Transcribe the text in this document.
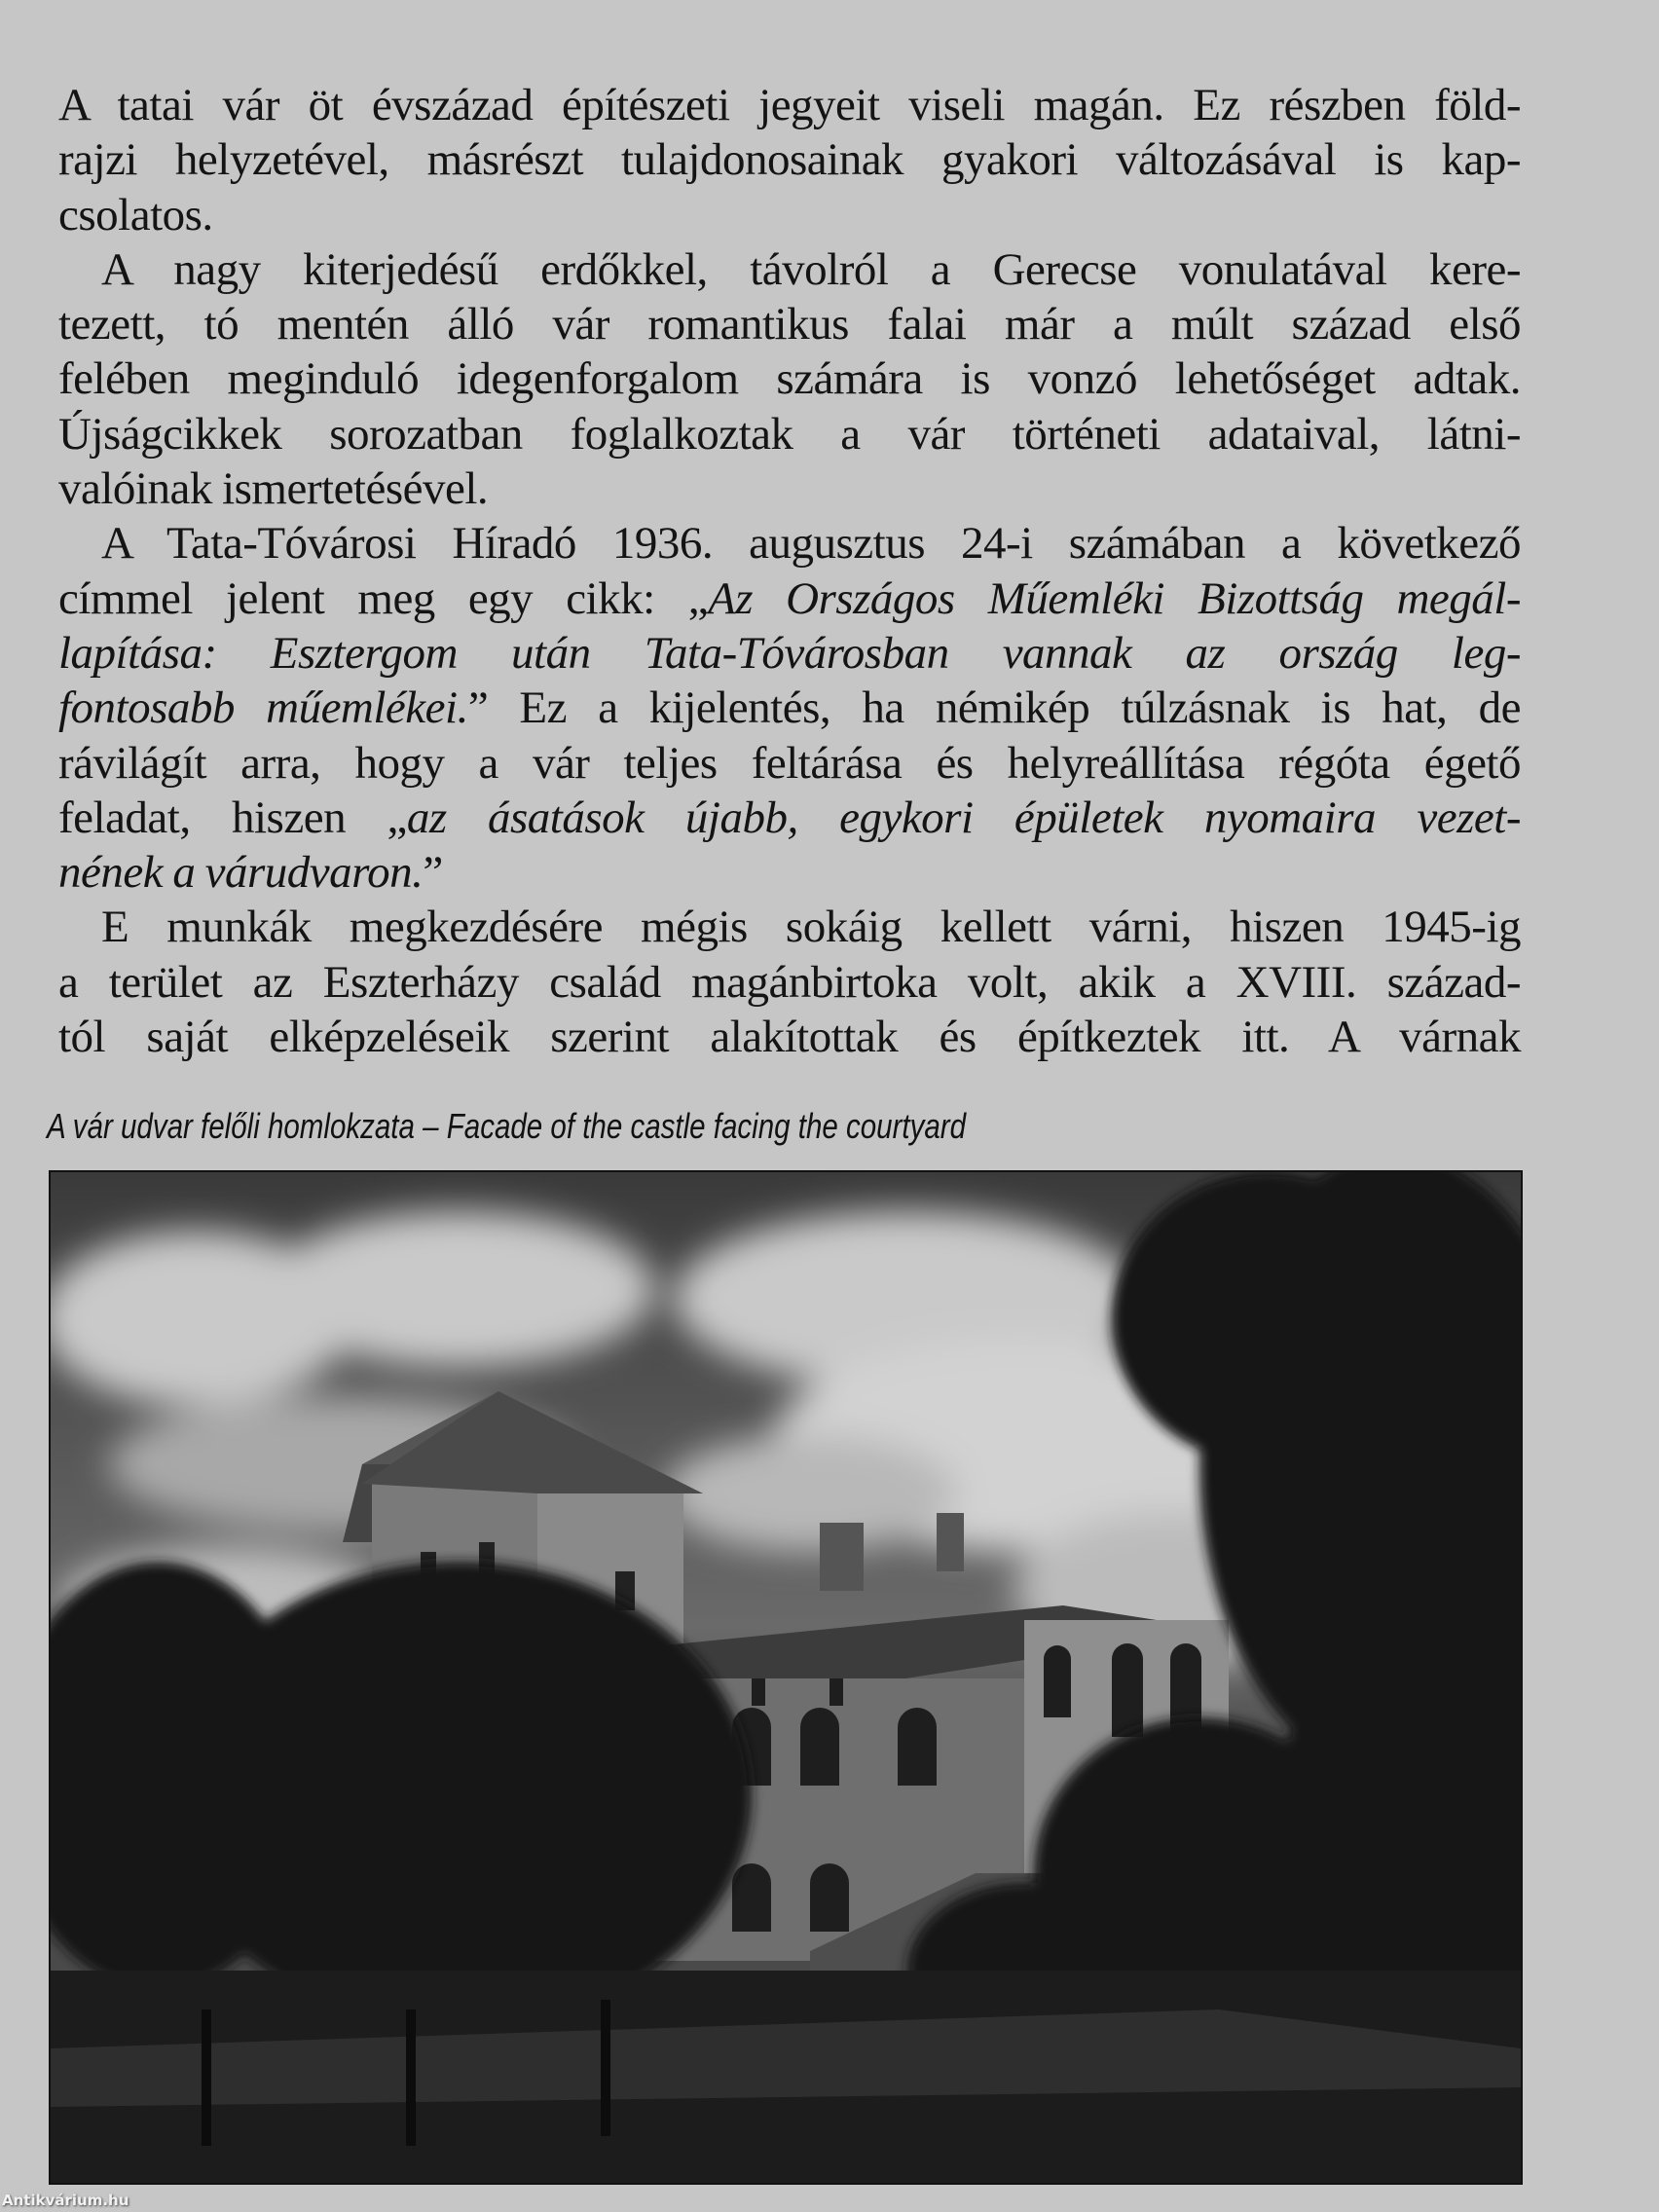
A tatai vár öt évszázad építészeti jegyeit viseli magán. Ez részben föld-
rajzi helyzetével, másrészt tulajdonosainak gyakori változásával is kap-
csolatos.
A nagy kiterjedésű erdőkkel, távolról a Gerecse vonulatával kere-
tezett, tó mentén álló vár romantikus falai már a múlt század első
felében meginduló idegenforgalom számára is vonzó lehetőséget adtak.
Újságcikkek sorozatban foglalkoztak a vár történeti adataival, látni-
valóinak ismertetésével.
A Tata-Tóvárosi Híradó 1936. augusztus 24-i számában a következő
címmel jelent meg egy cikk: „Az Országos Műemléki Bizottság megál-
lapítása: Esztergom után Tata-Tóvárosban vannak az ország leg-
fontosabb műemlékei.” Ez a kijelentés, ha némikép túlzásnak is hat, de
rávilágít arra, hogy a vár teljes feltárása és helyreállítása régóta égető
feladat, hiszen „az ásatások újabb, egykori épületek nyomaira vezet-
nének a várudvaron.”
E munkák megkezdésére mégis sokáig kellett várni, hiszen 1945-ig
a terület az Eszterházy család magánbirtoka volt, akik a XVIII. század-
tól saját elképzeléseik szerint alakítottak és építkeztek itt. A várnak
A vár udvar felőli homlokzata – Facade of the castle facing the courtyard
Antikvárium.hu
